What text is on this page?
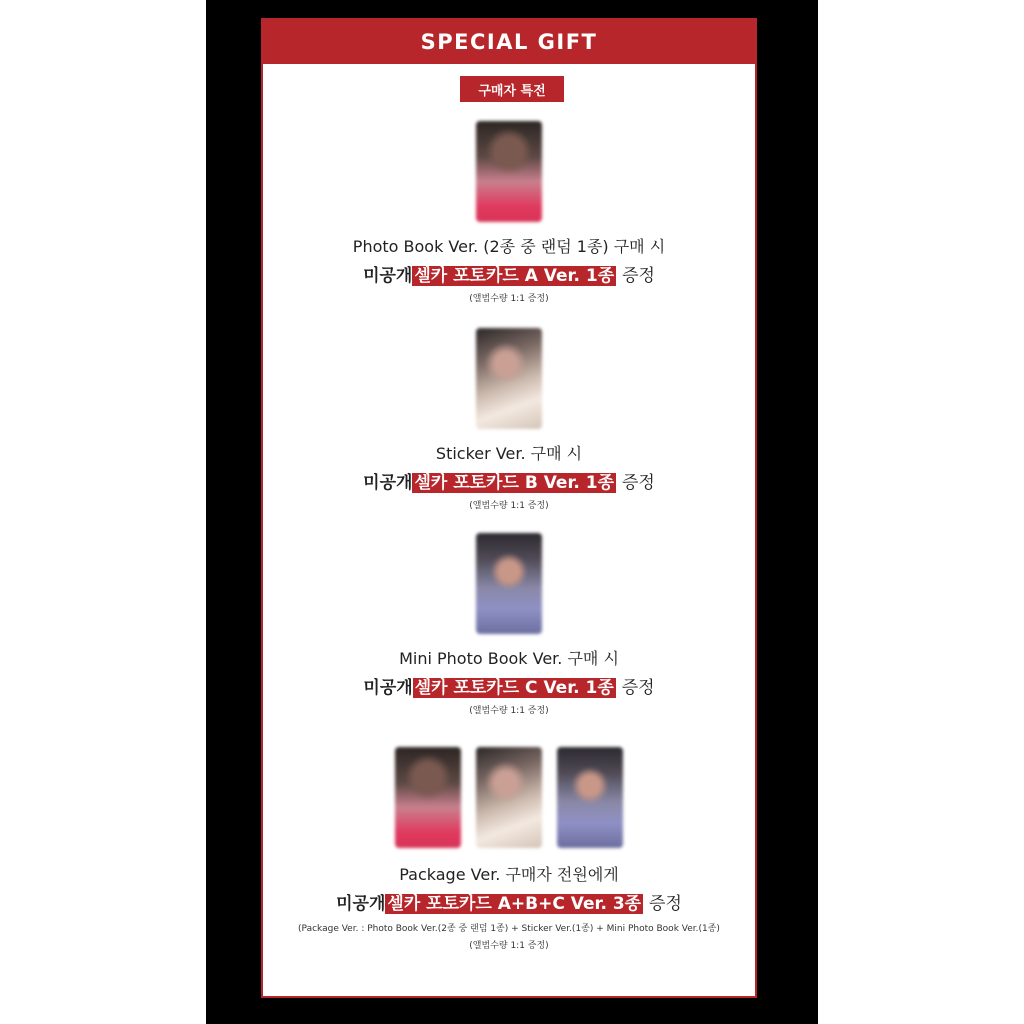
SPECIAL GIFT
구매자 특전
Photo Book Ver. (2종 중 랜덤 1종) 구매 시
미공개 셀카 포토카드 A Ver. 1종 증정
(앨범수량 1:1 증정)
Sticker Ver. 구매 시
미공개 셀카 포토카드 B Ver. 1종 증정
(앨범수량 1:1 증정)
Mini Photo Book Ver. 구매 시
미공개 셀카 포토카드 C Ver. 1종 증정
(앨범수량 1:1 증정)
Package Ver. 구매자 전원에게
미공개 셀카 포토카드 A+B+C Ver. 3종 증정
(Package Ver. : Photo Book Ver.(2종 중 랜덤 1종) + Sticker Ver.(1종) + Mini Photo Book Ver.(1종)
(앨범수량 1:1 증정)
